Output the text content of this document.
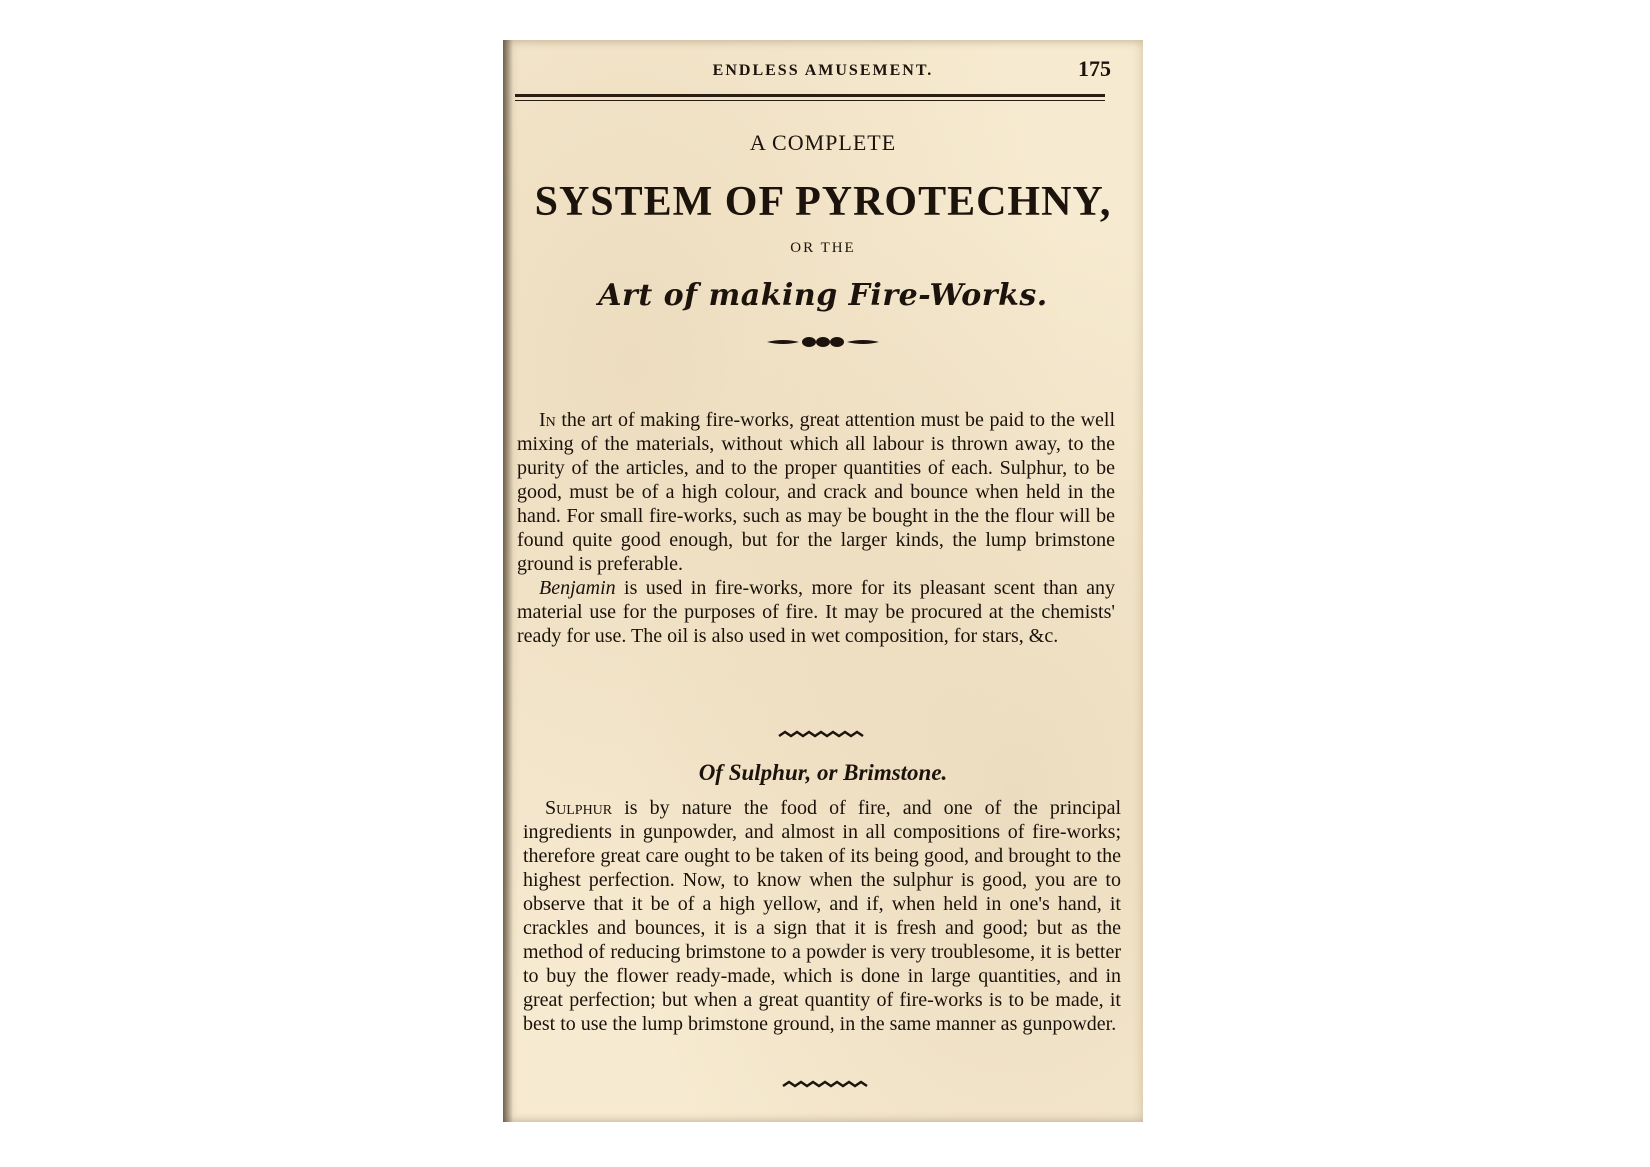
ENDLESS AMUSEMENT.	175
A COMPLETE
SYSTEM OF PYROTECHNY,
OR THE
Art of making Fire-Works.

In the art of making fire-works, great attention must be paid to the well mixing of the materials, without which all labour is thrown away, to the purity of the articles, and to the proper quantities of each. Sulphur, to be good, must be of a high colour, and crack and bounce when held in the hand. For small fire-works, such as may be bought in the the flour will be found quite good enough, but for the larger kinds, the lump brimstone ground is preferable.

Benjamin is used in fire-works, more for its pleasant scent than any material use for the purposes of fire. It may be procured at the chemists' ready for use. The oil is also used in wet composition, for stars, &c.

Of Sulphur, or Brimstone.

Sulphur is by nature the food of fire, and one of the principal ingredients in gunpowder, and almost in all compositions of fire-works; therefore great care ought to be taken of its being good, and brought to the highest perfection. Now, to know when the sulphur is good, you are to observe that it be of a high yellow, and if, when held in one's hand, it crackles and bounces, it is a sign that it is fresh and good; but as the method of reducing brimstone to a powder is very troublesome, it is better to buy the flower ready-made, which is done in large quantities, and in great perfection; but when a great quantity of fire-works is to be made, it best to use the lump brimstone ground, in the same manner as gunpowder.
